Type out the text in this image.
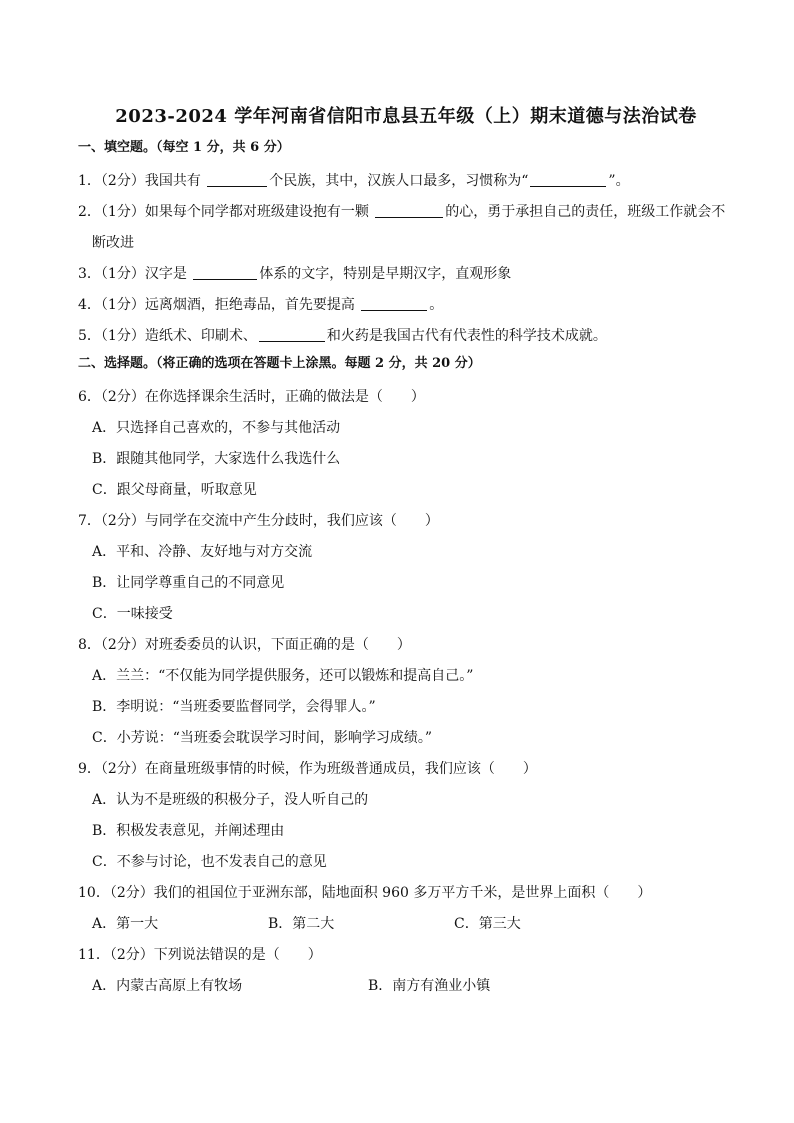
2023-2024 学年河南省信阳市息县五年级（上）期末道德与法治试卷
一、填空题。（每空 1 分，共 6 分）
1．（2分）我国共有	个民族，其中，汉族人口最多，习惯称为“	”。
2．（1分）如果每个同学都对班级建设抱有一颗	的心，勇于承担自己的责任，班级工作就会不
断改进
3．（1分）汉字是	体系的文字，特别是早期汉字，直观形象
4．（1分）远离烟酒，拒绝毒品，首先要提高	。
5．（1分）造纸术、印刷术、	和火药是我国古代有代表性的科学技术成就。
二、选择题。（将正确的选项在答题卡上涂黑。每题 2 分，共 20 分）
6．（2分）在你选择课余生活时，正确的做法是（　　）
A．只选择自己喜欢的，不参与其他活动
B．跟随其他同学，大家选什么我选什么
C．跟父母商量，听取意见
7．（2分）与同学在交流中产生分歧时，我们应该（　　）
A．平和、冷静、友好地与对方交流
B．让同学尊重自己的不同意见
C．一味接受
8．（2分）对班委委员的认识，下面正确的是（　　）
A．兰兰：“不仅能为同学提供服务，还可以锻炼和提高自己。”
B．李明说：“当班委要监督同学，会得罪人。”
C．小芳说：“当班委会耽误学习时间，影响学习成绩。”
9．（2分）在商量班级事情的时候，作为班级普通成员，我们应该（　　）
A．认为不是班级的积极分子，没人听自己的
B．积极发表意见，并阐述理由
C．不参与讨论，也不发表自己的意见
10．（2分）我们的祖国位于亚洲东部，陆地面积 960 多万平方千米，是世界上面积（　　）
A．第一大	B．第二大	C．第三大
11．（2分）下列说法错误的是（　　）
A．内蒙古高原上有牧场	B．南方有渔业小镇
